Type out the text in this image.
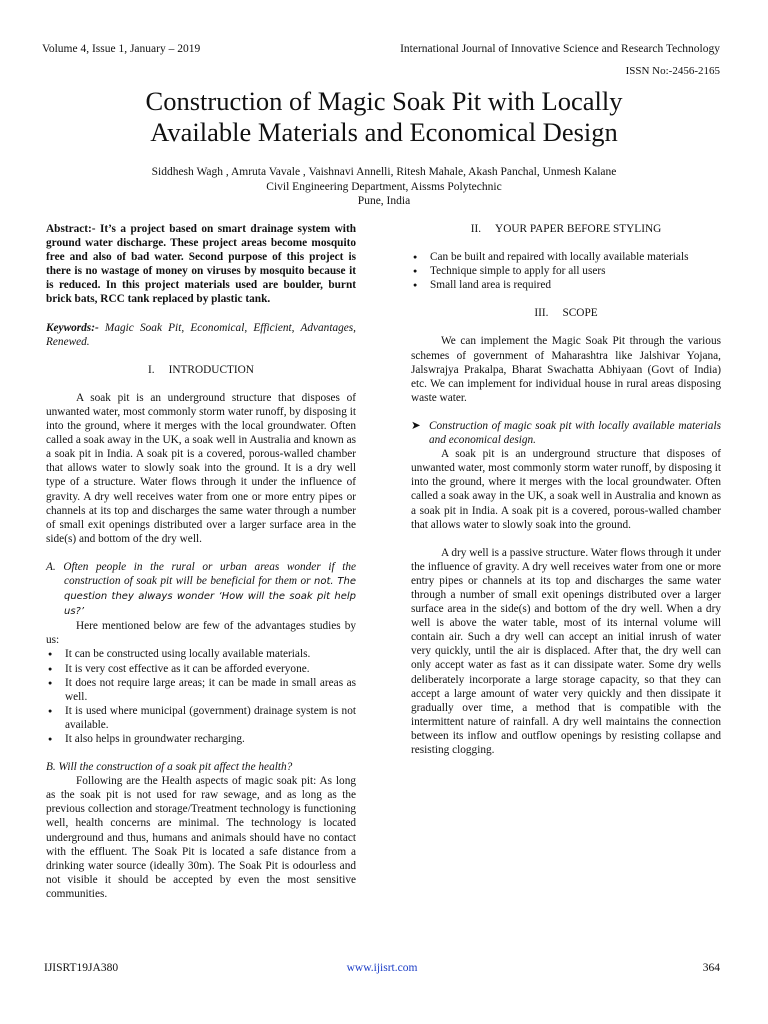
Volume 4, Issue 1, January – 2019	International Journal of Innovative Science and Research Technology
ISSN No:-2456-2165
Construction of Magic Soak Pit with Locally
Available Materials and Economical Design
Siddhesh Wagh , Amruta Vavale , Vaishnavi Annelli, Ritesh Mahale, Akash Panchal, Unmesh Kalane
Civil Engineering Department, Aissms Polytechnic
Pune, India

Abstract:- It’s a project based on smart drainage system with ground water discharge. These project areas become mosquito free and also of bad water. Second purpose of this project is there is no wastage of money on viruses by mosquito because it is reduced. In this project materials used are boulder, burnt brick bats, RCC tank replaced by plastic tank.

Keywords:- Magic Soak Pit, Economical, Efficient, Advantages, Renewed.

I. INTRODUCTION

A soak pit is an underground structure that disposes of unwanted water, most commonly storm water runoff, by disposing it into the ground, where it merges with the local groundwater. Often called a soak away in the UK, a soak well in Australia and known as a soak pit in India. A soak pit is a covered, porous-walled chamber that allows water to slowly soak into the ground. It is a dry well type of a structure. Water flows through it under the influence of gravity. A dry well receives water from one or more entry pipes or channels at its top and discharges the same water through a number of small exit openings distributed over a larger surface area in the side(s) and bottom of the dry well.

A. Often people in the rural or urban areas wonder if the construction of soak pit will be beneficial for them or not. The question they always wonder ‘How will the soak pit help us?’

Here mentioned below are few of the advantages studies by us:

● It can be constructed using locally available materials.
● It is very cost effective as it can be afforded everyone.
● It does not require large areas; it can be made in small areas as well.
● It is used where municipal (government) drainage system is not available.
● It also helps in groundwater recharging.

B. Will the construction of a soak pit affect the health?

Following are the Health aspects of magic soak pit: As long as the soak pit is not used for raw sewage, and as long as the previous collection and storage/Treatment technology is functioning well, health concerns are minimal. The technology is located underground and thus, humans and animals should have no contact with the effluent. The Soak Pit is located a safe distance from a drinking water source (ideally 30m). The Soak Pit is odourless and not visible it should be accepted by even the most sensitive communities.

II. YOUR PAPER BEFORE STYLING
● Can be built and repaired with locally available materials
● Technique simple to apply for all users
● Small land area is required
III. SCOPE

We can implement the Magic Soak Pit through the various schemes of government of Maharashtra like Jalshivar Yojana, Jalswrajya Prakalpa, Bharat Swachatta Abhiyaan (Govt of India) etc. We can implement for individual house in rural areas disposing waste water.

➤ Construction of magic soak pit with locally available materials and economical design.

A soak pit is an underground structure that disposes of unwanted water, most commonly storm water runoff, by disposing it into the ground, where it merges with the local groundwater. Often called a soak away in the UK, a soak well in Australia and known as a soak pit in India. A soak pit is a covered, porous-walled chamber that allows water to slowly soak into the ground.

A dry well is a passive structure. Water flows through it under the influence of gravity. A dry well receives water from one or more entry pipes or channels at its top and discharges the same water through a number of small exit openings distributed over a larger surface area in the side(s) and bottom of the dry well. When a dry well is above the water table, most of its internal volume will contain air. Such a dry well can accept an initial inrush of water very quickly, until the air is displaced. After that, the dry well can only accept water as fast as it can dissipate water. Some dry wells deliberately incorporate a large storage capacity, so that they can accept a large amount of water very quickly and then dissipate it gradually over time, a method that is compatible with the intermittent nature of rainfall. A dry well maintains the connection between its inflow and outflow openings by resisting collapse and resisting clogging.

IJISRT19JA380	www.ijisrt.com	364
